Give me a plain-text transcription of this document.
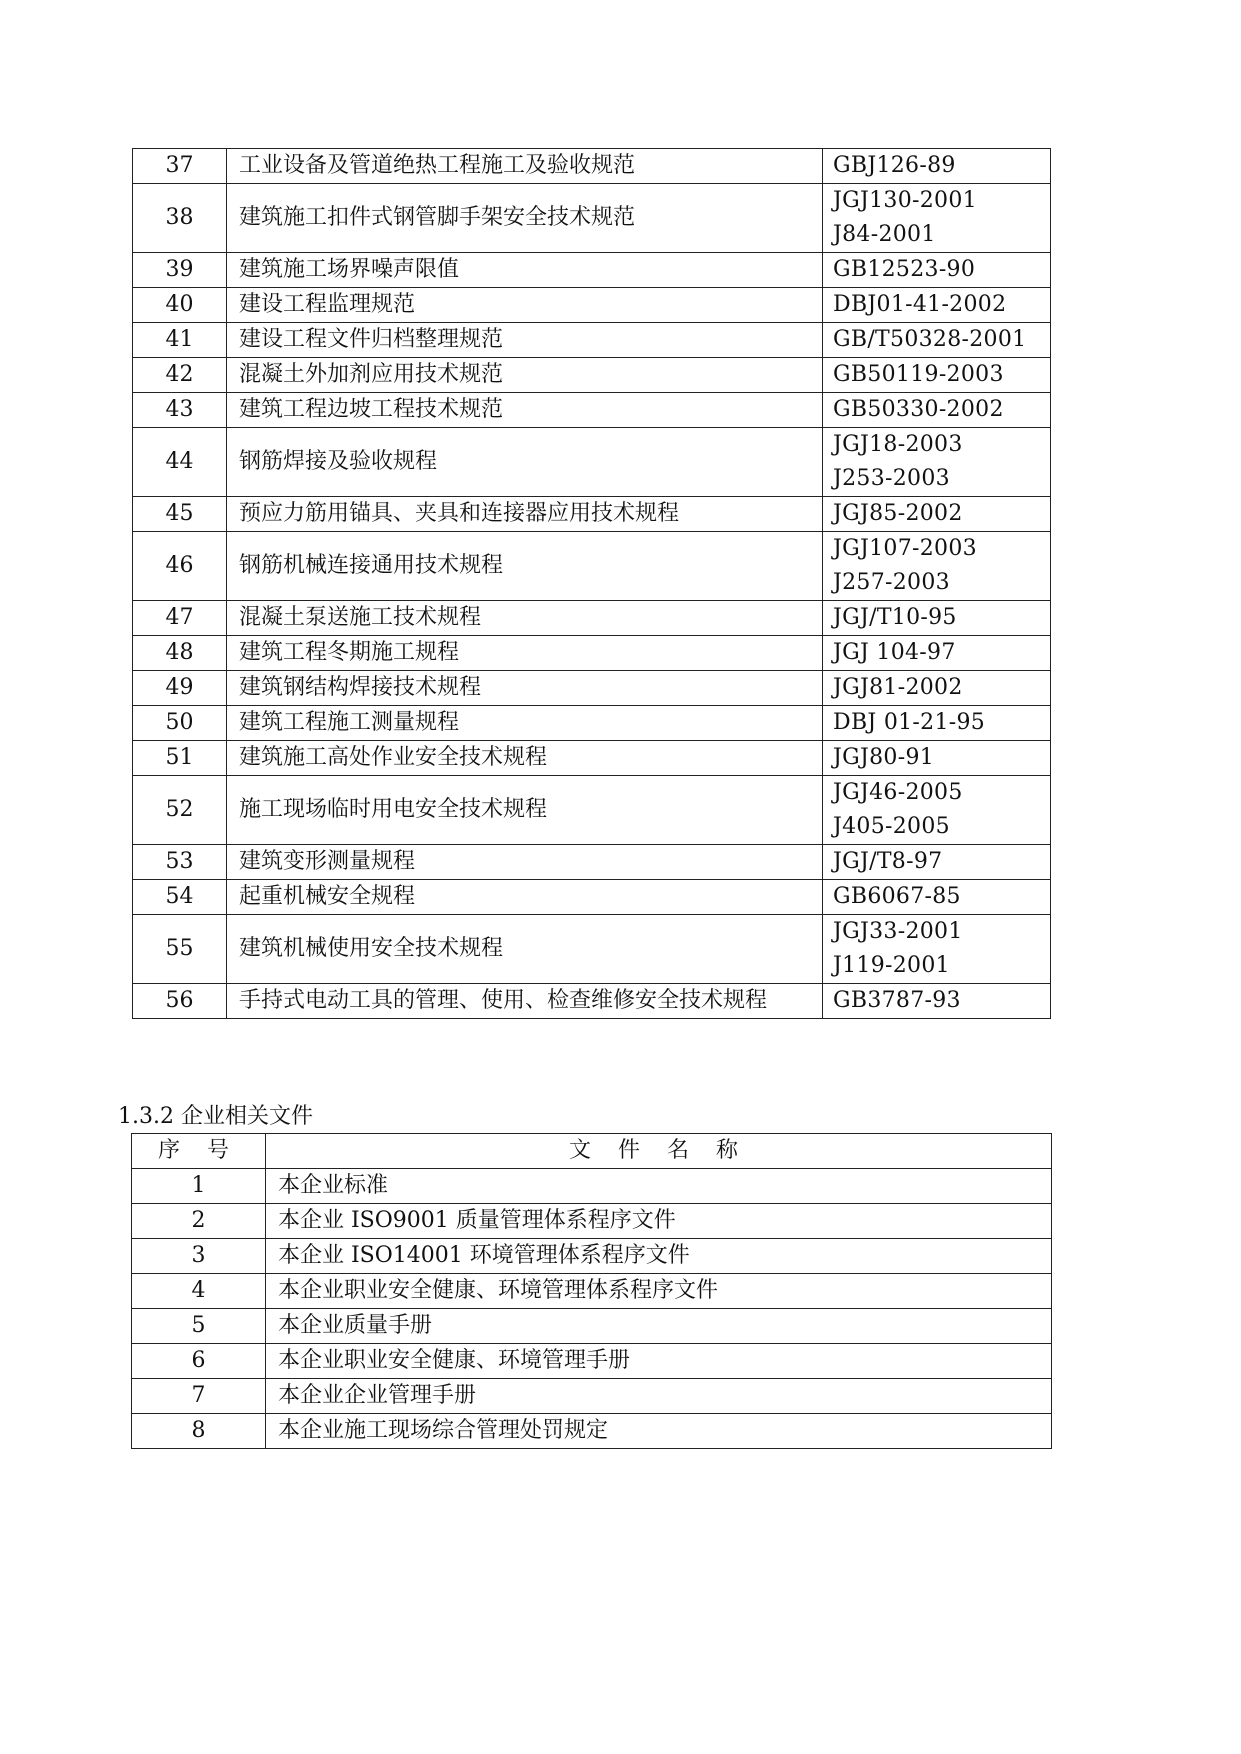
37	工业设备及管道绝热工程施工及验收规范	GBJ126-89

38	建筑施工扣件式钢管脚手架安全技术规范	JGJ130-2001
J84-2001

39	建筑施工场界噪声限值	GB12523-90

40	建设工程监理规范	DBJ01-41-2002

41	建设工程文件归档整理规范	GB/T50328-2001

42	混凝土外加剂应用技术规范	GB50119-2003

43	建筑工程边坡工程技术规范	GB50330-2002

44	钢筋焊接及验收规程	JGJ18-2003
J253-2003

45	预应力筋用锚具、夹具和连接器应用技术规程	JGJ85-2002

46	钢筋机械连接通用技术规程	JGJ107-2003
J257-2003

47	混凝土泵送施工技术规程	JGJ/T10-95

48	建筑工程冬期施工规程	JGJ 104-97

49	建筑钢结构焊接技术规程	JGJ81-2002

50	建筑工程施工测量规程	DBJ 01-21-95

51	建筑施工高处作业安全技术规程	JGJ80-91

52	施工现场临时用电安全技术规程	JGJ46-2005
J405-2005

53	建筑变形测量规程	JGJ/T8-97

54	起重机械安全规程	GB6067-85

55	建筑机械使用安全技术规程	JGJ33-2001
J119-2001

56	手持式电动工具的管理、使用、检查维修安全技术规程	GB3787-93
1.3.2 企业相关文件
序 号	文 件 名 称
1	本企业标准
2	本企业 ISO9001 质量管理体系程序文件
3	本企业 ISO14001 环境管理体系程序文件
4	本企业职业安全健康、环境管理体系程序文件
5	本企业质量手册
6	本企业职业安全健康、环境管理手册
7	本企业企业管理手册
8	本企业施工现场综合管理处罚规定
